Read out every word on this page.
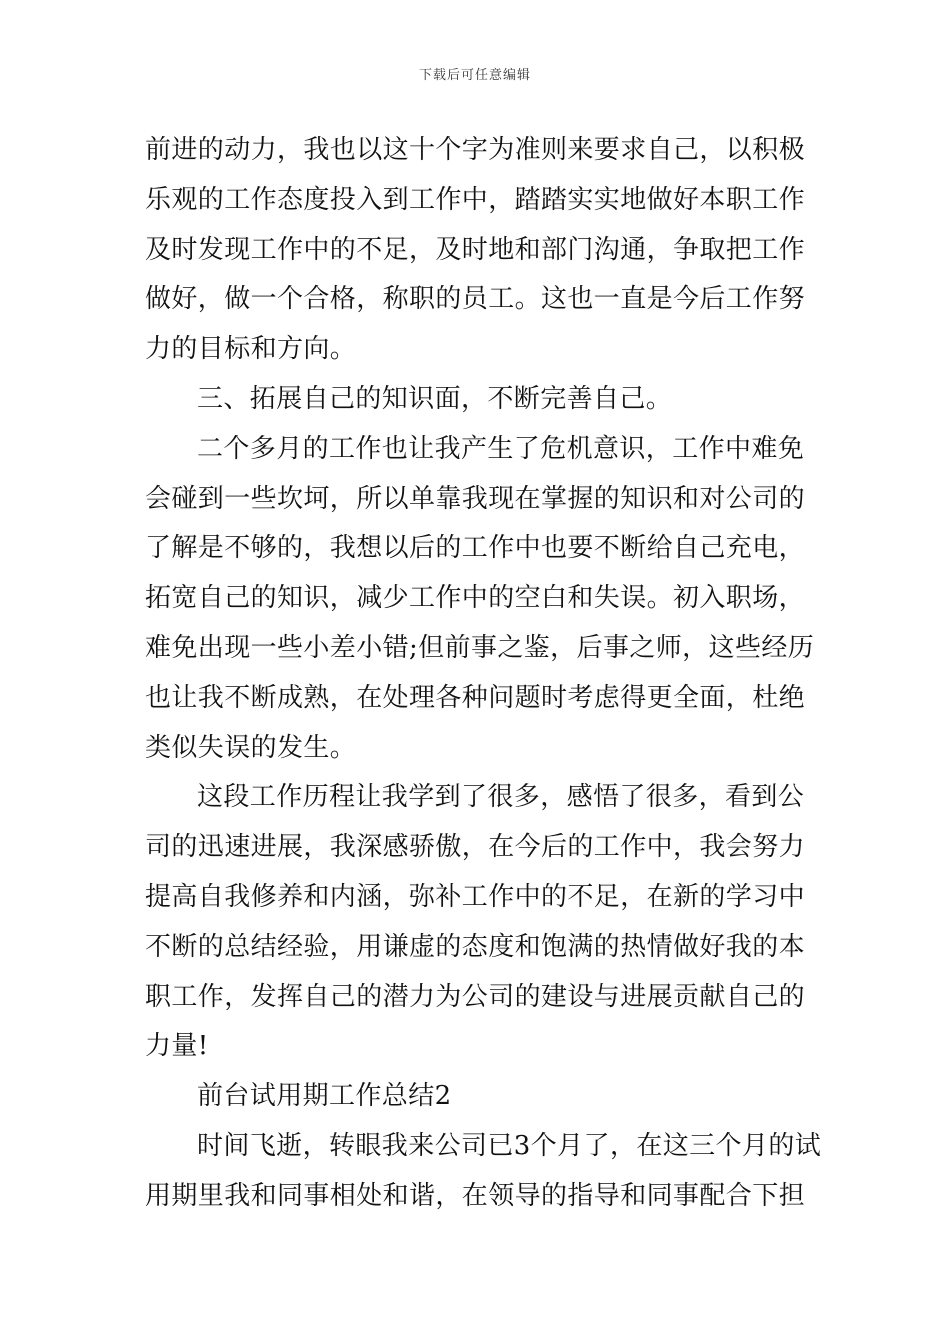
下载后可任意编辑
前进的动力，我也以这十个字为准则来要求自己，以积极
乐观的工作态度投入到工作中，踏踏实实地做好本职工作
及时发现工作中的不足，及时地和部门沟通，争取把工作
做好，做一个合格，称职的员工。这也一直是今后工作努
力的目标和方向。
三、拓展自己的知识面，不断完善自己。
二个多月的工作也让我产生了危机意识，工作中难免
会碰到一些坎坷，所以单靠我现在掌握的知识和对公司的
了解是不够的，我想以后的工作中也要不断给自己充电，
拓宽自己的知识，减少工作中的空白和失误。初入职场，
难免出现一些小差小错;但前事之鉴，后事之师，这些经历
也让我不断成熟，在处理各种问题时考虑得更全面，杜绝
类似失误的发生。
这段工作历程让我学到了很多，感悟了很多，看到公
司的迅速进展，我深感骄傲，在今后的工作中，我会努力
提高自我修养和内涵，弥补工作中的不足，在新的学习中
不断的总结经验，用谦虚的态度和饱满的热情做好我的本
职工作，发挥自己的潜力为公司的建设与进展贡献自己的
力量!
前台试用期工作总结2
时间飞逝，转眼我来公司已3个月了，在这三个月的试
用期里我和同事相处和谐，在领导的指导和同事配合下担
